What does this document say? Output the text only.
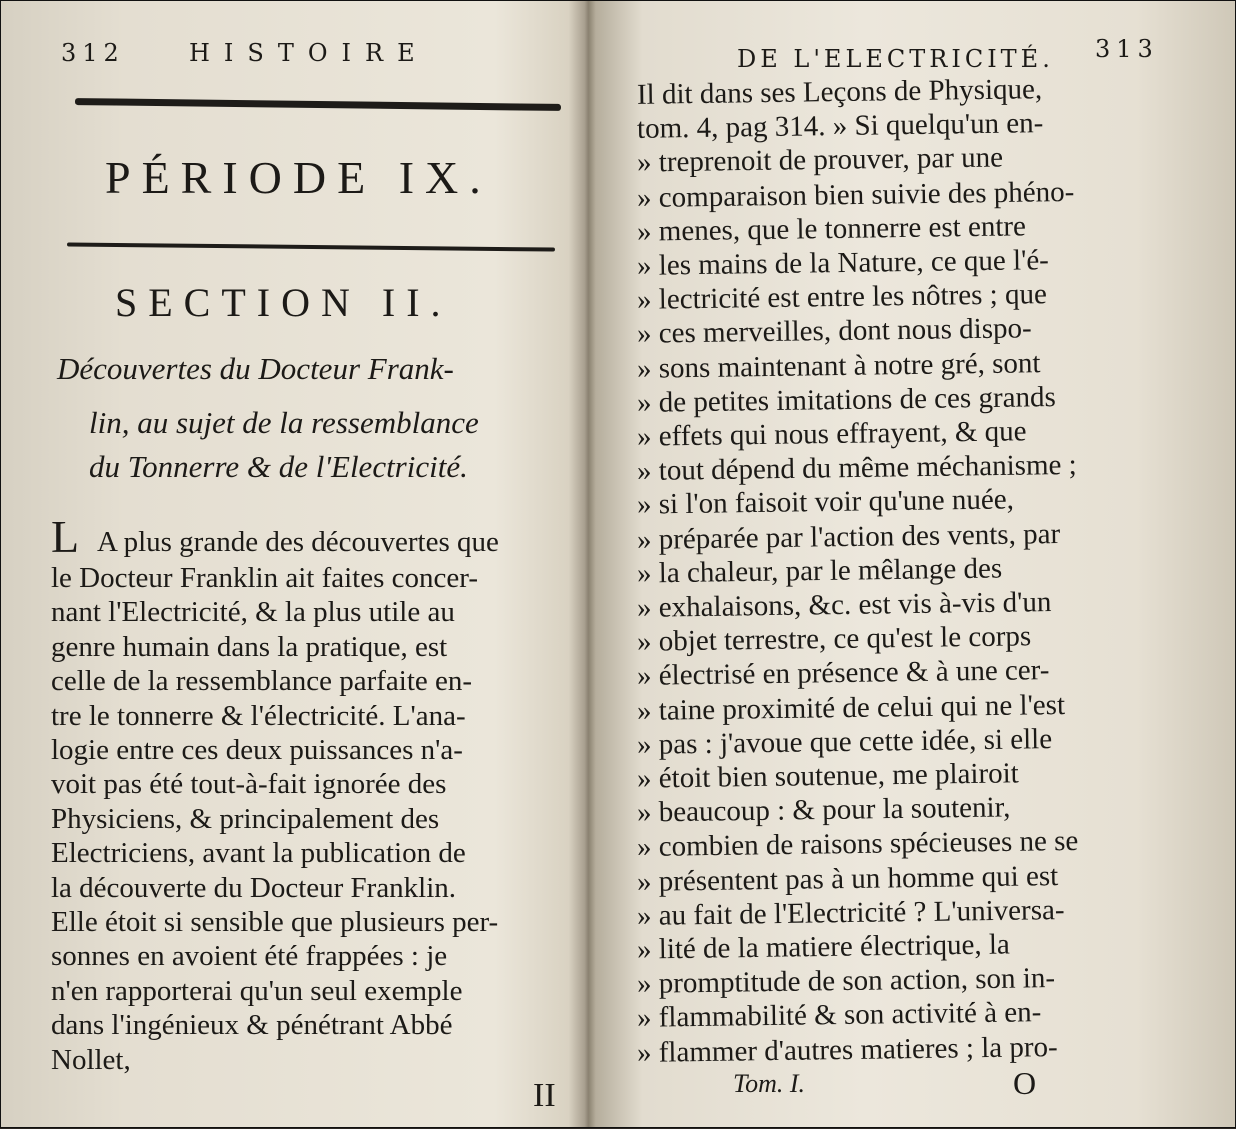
312	HISTOIRE
PÉRIODE IX.
SECTION II.
Découvertes du Docteur Frank-
lin, au sujet de la ressemblance
du Tonnerre & de l'Electricité.
L A plus grande des découvertes que
le Docteur Franklin ait faites concer-
nant l'Electricité, & la plus utile au
genre humain dans la pratique, est
celle de la ressemblance parfaite en-
tre le tonnerre & l'électricité. L'ana-
logie entre ces deux puissances n'a-
voit pas été tout-à-fait ignorée des
Physiciens, & principalement des
Electriciens, avant la publication de
la découverte du Docteur Franklin.
Elle étoit si sensible que plusieurs per-
sonnes en avoient été frappées : je
n'en rapporterai qu'un seul exemple
dans l'ingénieux & pénétrant Abbé
Nollet,
II
DE L'ELECTRICITÉ. 313
Il dit dans ses Leçons de Physique,
tom. 4, pag 314. » Si quelqu'un en-
» treprenoit de prouver, par une
» comparaison bien suivie des phéno-
» menes, que le tonnerre est entre
» les mains de la Nature, ce que l'é-
» lectricité est entre les nôtres ; que
» ces merveilles, dont nous dispo-
» sons maintenant à notre gré, sont
» de petites imitations de ces grands
» effets qui nous effrayent, & que
» tout dépend du même méchanisme ;
» si l'on faisoit voir qu'une nuée,
» préparée par l'action des vents, par
» la chaleur, par le mêlange des
» exhalaisons, &c. est vis à-vis d'un
» objet terrestre, ce qu'est le corps
» électrisé en présence & à une cer-
» taine proximité de celui qui ne l'est
» pas : j'avoue que cette idée, si elle
» étoit bien soutenue, me plairoit
» beaucoup : & pour la soutenir,
» combien de raisons spécieuses ne se
» présentent pas à un homme qui est
» au fait de l'Electricité ? L'universa-
» lité de la matiere électrique, la
» promptitude de son action, son in-
» flammabilité & son activité à en-
» flammer d'autres matieres ; la pro-
Tom. I.	O
